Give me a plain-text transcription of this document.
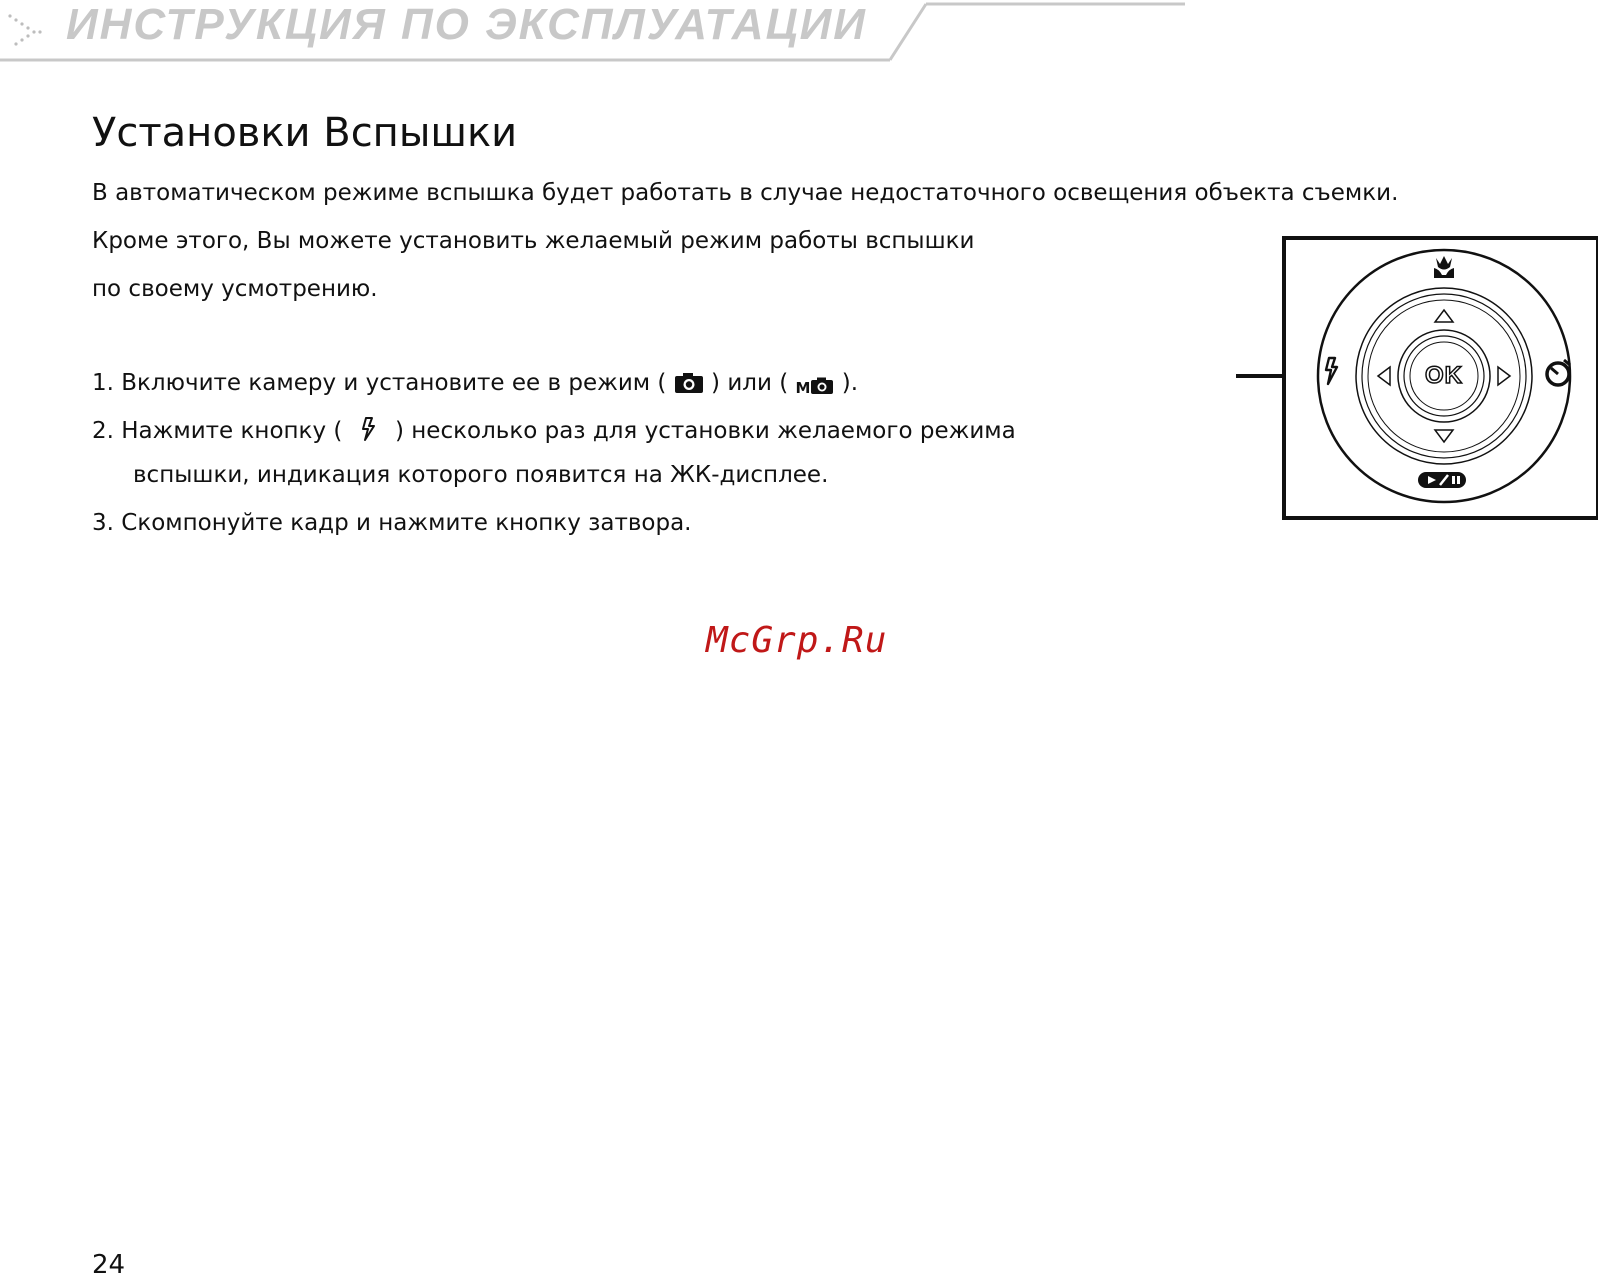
ИНСТРУКЦИЯ ПО ЭКСПЛУАТАЦИИ
Установки Вспышки
В автоматическом режиме вспышка будет работать в случае недостаточного освещения объекта съемки.
Кроме этого, Вы можете установить желаемый режим работы вспышки
по своему усмотрению.
1. Включите камеру и установите ее в режим (  ) или ( M ).
2. Нажмите кнопку (  ) несколько раз для установки желаемого режима
вспышки, индикация которого появится на ЖК-дисплее.
3. Скомпонуйте кадр и нажмите кнопку затвора.
OK
McGrp.Ru
24
